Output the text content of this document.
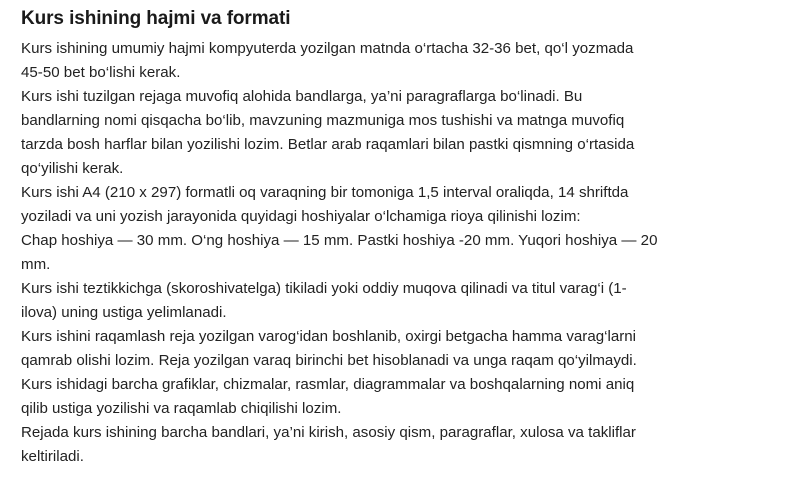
Kurs ishining hajmi va formati

Kurs ishining umumiy hajmi kompyuterda yozilgan matnda o‘rtacha 32-36 bet, qo‘l yozmada

45-50 bet bo‘lishi kerak.

Kurs ishi tuzilgan rejaga muvofiq alohida bandlarga, ya’ni paragraflarga bo‘linadi. Bu

bandlarning nomi qisqacha bo‘lib, mavzuning mazmuniga mos tushishi va matnga muvofiq

tarzda bosh harflar bilan yozilishi lozim. Betlar arab raqamlari bilan pastki qismning o‘rtasida

qo‘yilishi kerak.

Kurs ishi A4 (210 x 297) formatli oq varaqning bir tomoniga 1,5 interval oraliqda, 14 shriftda

yoziladi va uni yozish jarayonida quyidagi hoshiyalar o‘lchamiga rioya qilinishi lozim:

Chap hoshiya — 30 mm. O‘ng hoshiya — 15 mm. Pastki hoshiya -20 mm. Yuqori hoshiya — 20

mm.

Kurs ishi teztikkichga (skoroshivatelga) tikiladi yoki oddiy muqova qilinadi va titul varag‘i (1-

ilova) uning ustiga yelimlanadi.

Kurs ishini raqamlash reja yozilgan varog‘idan boshlanib, oxirgi betgacha hamma varag‘larni

qamrab olishi lozim. Reja yozilgan varaq birinchi bet hisoblanadi va unga raqam qo‘yilmaydi.

Kurs ishidagi barcha grafiklar, chizmalar, rasmlar, diagrammalar va boshqalarning nomi aniq

qilib ustiga yozilishi va raqamlab chiqilishi lozim.

Rejada kurs ishining barcha bandlari, ya’ni kirish, asosiy qism, paragraflar, xulosa va takliflar

keltiriladi.
